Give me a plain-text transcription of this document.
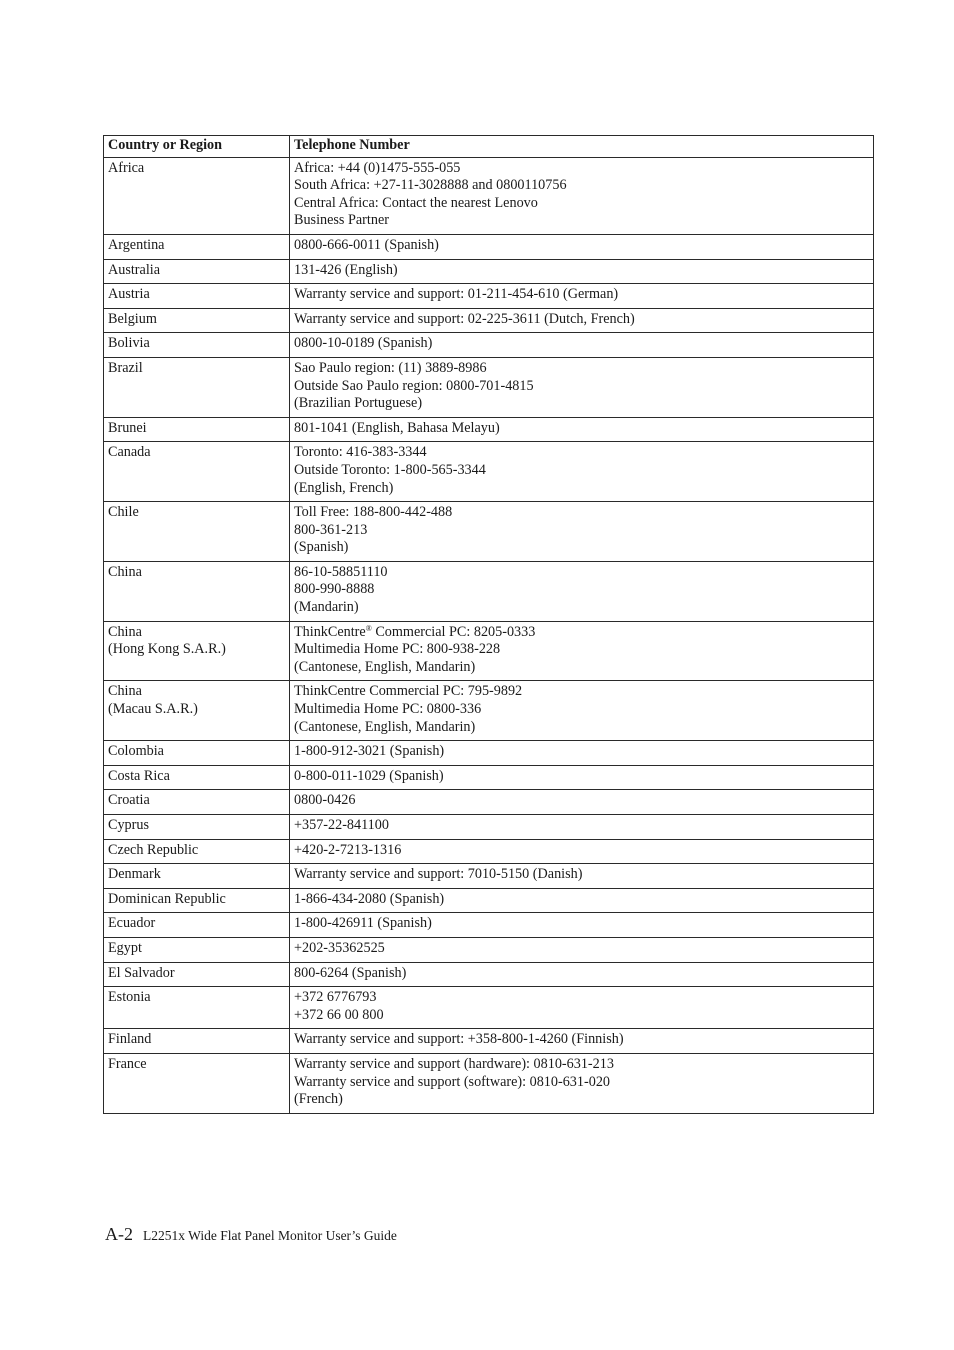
Country or Region	Telephone Number

Africa	Africa: +44 (0)1475-555-055
South Africa: +27-11-3028888 and 0800110756
Central Africa: Contact the nearest Lenovo
Business Partner

Argentina	0800-666-0011 (Spanish)

Australia	131-426 (English)

Austria	Warranty service and support: 01-211-454-610 (German)

Belgium	Warranty service and support: 02-225-3611 (Dutch, French)

Bolivia	0800-10-0189 (Spanish)

Brazil	Sao Paulo region: (11) 3889-8986
Outside Sao Paulo region: 0800-701-4815
(Brazilian Portuguese)

Brunei	801-1041 (English, Bahasa Melayu)

Canada	Toronto: 416-383-3344
Outside Toronto: 1-800-565-3344
(English, French)

Chile	Toll Free: 188-800-442-488
800-361-213
(Spanish)

China	86-10-58851110
800-990-8888
(Mandarin)

China
(Hong Kong S.A.R.)	ThinkCentre® Commercial PC: 8205-0333
Multimedia Home PC: 800-938-228
(Cantonese, English, Mandarin)

China
(Macau S.A.R.)	ThinkCentre Commercial PC: 795-9892
Multimedia Home PC: 0800-336
(Cantonese, English, Mandarin)

Colombia	1-800-912-3021 (Spanish)

Costa Rica	0-800-011-1029 (Spanish)

Croatia	0800-0426

Cyprus	+357-22-841100

Czech Republic	+420-2-7213-1316

Denmark	Warranty service and support: 7010-5150 (Danish)

Dominican Republic	1-866-434-2080 (Spanish)

Ecuador	1-800-426911 (Spanish)

Egypt	+202-35362525

El Salvador	800-6264 (Spanish)

Estonia	+372 6776793
+372 66 00 800

Finland	Warranty service and support: +358-800-1-4260 (Finnish)

France	Warranty service and support (hardware): 0810-631-213
Warranty service and support (software): 0810-631-020
(French)
A-2 L2251x Wide Flat Panel Monitor User’s Guide
